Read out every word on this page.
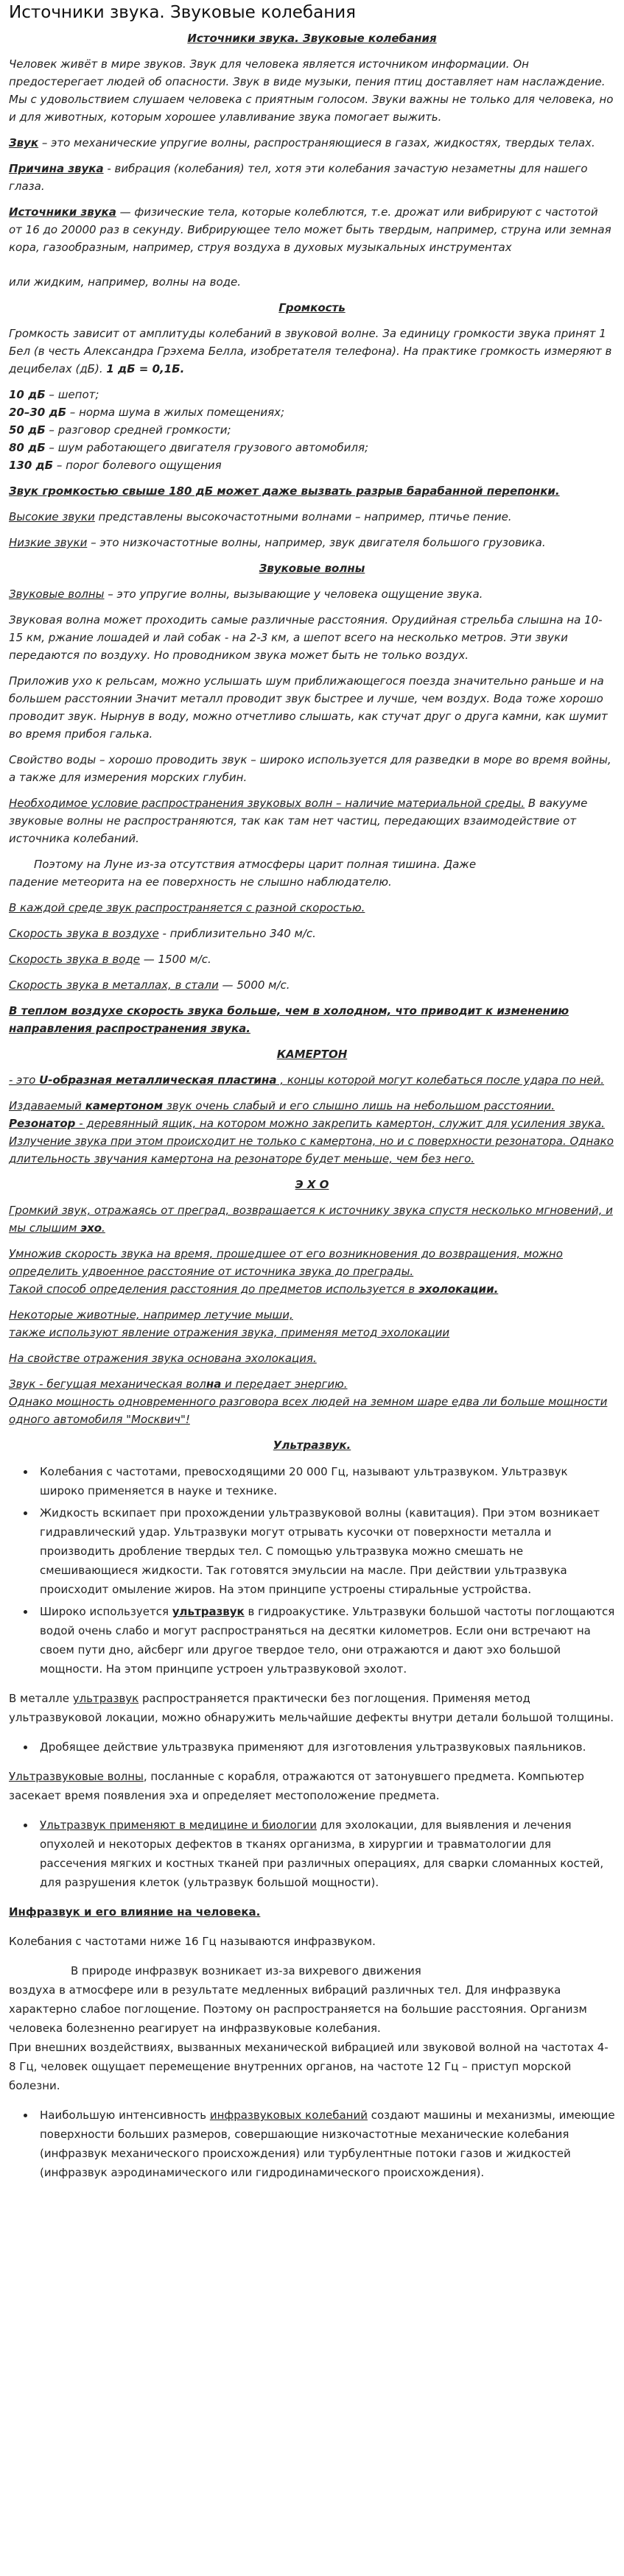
Источники звука. Звуковые колебания

Источники звука. Звуковые колебания

Человек живёт в мире звуков. Звук для человека является источником информации. Он предостерегает людей об опасности. Звук в виде музыки, пения птиц доставляет нам наслаждение. Мы с удовольствием слушаем человека с приятным голосом. Звуки важны не только для человека, но и для животных, которым хорошее улавливание звука помогает выжить.

Звук – это механические упругие волны, распространяющиеся в газах, жидкостях, твердых телах.

Причина звука - вибрация (колебания) тел, хотя эти колебания зачастую незаметны для нашего глаза.

Источники звука — физические тела, которые колеблются, т.е. дрожат или вибрируют с частотой
от 16 до 20000 раз в секунду. Вибрирующее тело может быть твердым, например, струна или земная кора, газообразным, например, струя воздуха в духовых музыкальных инструментах

или жидким, например, волны на воде.

Громкость

Громкость зависит от амплитуды колебаний в звуковой волне. За единицу громкости звука принят 1 Бел (в честь Александра Грэхема Белла, изобретателя телефона). На практике громкость измеряют в децибелах (дБ). 1 дБ = 0,1Б.

10 дБ – шепот;
20–30 дБ – норма шума в жилых помещениях;
50 дБ – разговор средней громкости;
80 дБ – шум работающего двигателя грузового автомобиля;
130 дБ – порог болевого ощущения

Звук громкостью свыше 180 дБ может даже вызвать разрыв барабанной перепонки.

Высокие звуки представлены высокочастотными волнами – например, птичье пение.

Низкие звуки – это низкочастотные волны, например, звук двигателя большого грузовика.

Звуковые волны

Звуковые волны – это упругие волны, вызывающие у человека ощущение звука.

Звуковая волна может проходить самые различные расстояния. Орудийная стрельба слышна на 10-15 км, ржание лошадей и лай собак - на 2-3 км, а шепот всего на несколько метров. Эти звуки передаются по воздуху. Но проводником звука может быть не только воздух.

Приложив ухо к рельсам, можно услышать шум приближающегося поезда значительно раньше и на большем расстоянии Значит металл проводит звук быстрее и лучше, чем воздух. Вода тоже хорошо проводит звук. Нырнув в воду, можно отчетливо слышать, как стучат друг о друга камни, как шумит во время прибоя галька.

Свойство воды – хорошо проводить звук – широко используется для разведки в море во время войны, а также для измерения морских глубин.

Необходимое условие распространения звуковых волн – наличие материальной среды. В вакууме звуковые волны не распространяются, так как там нет частиц, передающих взаимодействие от источника колебаний.

Поэтому на Луне из-за отсутствия атмосферы царит полная тишина. Даже
падение метеорита на ее поверхность не слышно наблюдателю.

В каждой среде звук распространяется с разной скоростью.

Скорость звука в воздухе - приблизительно 340 м/с.

Скорость звука в воде — 1500 м/с.

Скорость звука в металлах, в стали — 5000 м/с.

В теплом воздухе скорость звука больше, чем в холодном, что приводит к изменению направления распространения звука.

КАМЕРТОН

- это U-образная металлическая пластина , концы которой могут колебаться после удара по ней.

Издаваемый камертоном звук очень слабый и его слышно лишь на небольшом расстоянии.

Резонатор - деревянный ящик, на котором можно закрепить камертон, служит для усиления звука.

Излучение звука при этом происходит не только с камертона, но и с поверхности резонатора. Однако длительность звучания камертона на резонаторе будет меньше, чем без него.

Э Х О

Громкий звук, отражаясь от преград, возвращается к источнику звука спустя несколько мгновений, и мы слышим эхо.

Умножив скорость звука на время, прошедшее от его возникновения до возвращения, можно определить удвоенное расстояние от источника звука до преграды.

Такой способ определения расстояния до предметов используется в эхолокации.

Некоторые животные, например летучие мыши,
также используют явление отражения звука, применяя метод эхолокации

На свойстве отражения звука основана эхолокация.

Звук - бегущая механическая волна и передает энергию.
Однако мощность одновременного разговора всех людей на земном шаре едва ли больше мощности одного автомобиля "Москвич"!

Ультразвук.

• Колебания с частотами, превосходящими 20 000 Гц, называют ультразвуком. Ультразвук широко применяется в науке и технике.
• Жидкость вскипает при прохождении ультразвуковой волны (кавитация). При этом возникает гидравлический удар. Ультразвуки могут отрывать кусочки от поверхности металла и производить дробление твердых тел. С помощью ультразвука можно смешать не смешивающиеся жидкости. Так готовятся эмульсии на масле. При действии ультразвука происходит омыление жиров. На этом принципе устроены стиральные устройства.
• Широко используется ультразвук в гидроакустике. Ультразвуки большой частоты поглощаются водой очень слабо и могут распространяться на десятки километров. Если они встречают на своем пути дно, айсберг или другое твердое тело, они отражаются и дают эхо большой мощности. На этом принципе устроен ультразвуковой эхолот.

В металле ультразвук распространяется практически без поглощения. Применяя метод ультразвуковой локации, можно обнаружить мельчайшие дефекты внутри детали большой толщины.

• Дробящее действие ультразвука применяют для изготовления ультразвуковых паяльников.

Ультразвуковые волны, посланные с корабля, отражаются от затонувшего предмета. Компьютер засекает время появления эха и определяет местоположение предмета.

• Ультразвук применяют в медицине и биологии для эхолокации, для выявления и лечения опухолей и некоторых дефектов в тканях организма, в хирургии и травматологии для рассечения мягких и костных тканей при различных операциях, для сварки сломанных костей, для разрушения клеток (ультразвук большой мощности).

Инфразвук и его влияние на человека.

Колебания с частотами ниже 16 Гц называются инфразвуком.

В природе инфразвук возникает из-за вихревого движения
воздуха в атмосфере или в результате медленных вибраций различных тел. Для инфразвука характерно слабое поглощение. Поэтому он распространяется на большие расстояния. Организм человека болезненно реагирует на инфразвуковые колебания.

При внешних воздействиях, вызванных механической вибрацией или звуковой волной на частотах 4-8 Гц, человек ощущает перемещение внутренних органов, на частоте 12 Гц – приступ морской болезни.

• Наибольшую интенсивность инфразвуковых колебаний создают машины и механизмы, имеющие поверхности больших размеров, совершающие низкочастотные механические колебания (инфразвук механического происхождения) или турбулентные потоки газов и жидкостей (инфразвук аэродинамического или гидродинамического происхождения).
